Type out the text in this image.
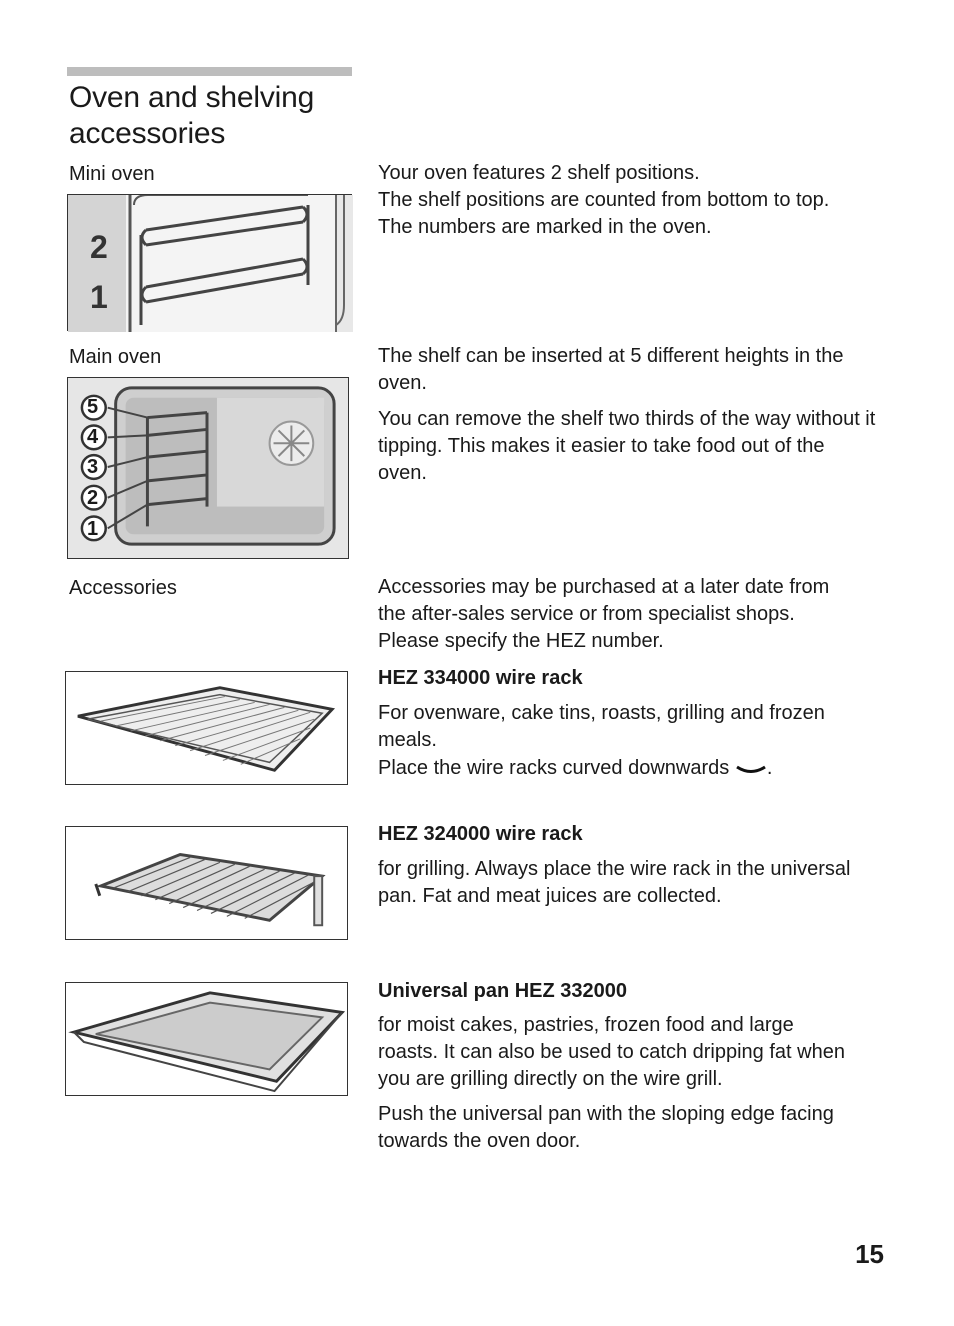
Oven and shelving
accessories
Mini oven	Your oven features 2 shelf positions.

The shelf positions are counted from bottom to top.

The numbers are marked in the oven.

2
1
Main oven	The shelf can be inserted at 5 different heights in the oven.

You can remove the shelf two thirds of the way without it tipping. This makes it easier to take food out of the oven.

5
4
3
2
1
Accessories	Accessories may be purchased at a later date from

the after-sales service or from specialist shops.

Please specify the HEZ number.

HEZ 334000 wire rack

For ovenware, cake tins, roasts, grilling and frozen meals.

Place the wire racks curved downwards .

HEZ 324000 wire rack

for grilling. Always place the wire rack in the universal pan. Fat and meat juices are collected.

Universal pan HEZ 332000

for moist cakes, pastries, frozen food and large roasts. It can also be used to catch dripping fat when you are grilling directly on the wire grill.

Push the universal pan with the sloping edge facing towards the oven door.

15
